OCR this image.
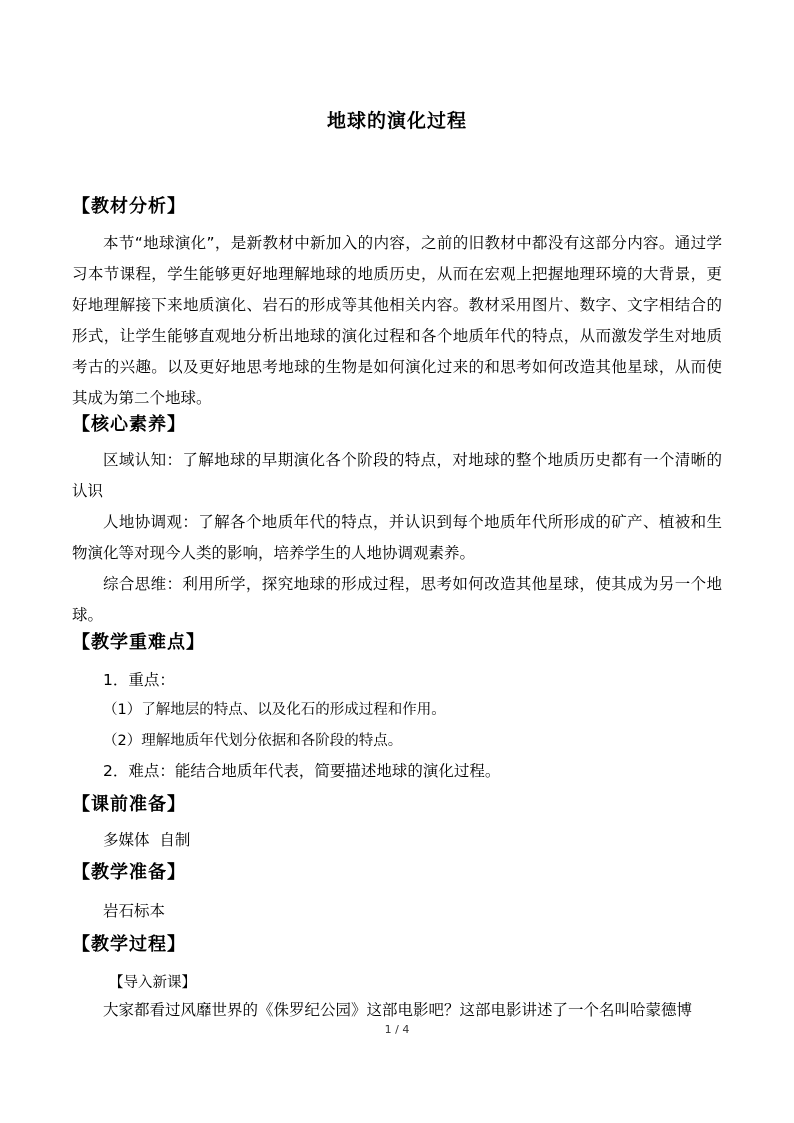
地球的演化过程
【教材分析】
本节“地球演化”，是新教材中新加入的内容，之前的旧教材中都没有这部分内容。通过学习本节课程，学生能够更好地理解地球的地质历史，从而在宏观上把握地理环境的大背景，更好地理解接下来地质演化、岩石的形成等其他相关内容。教材采用图片、数字、文字相结合的形式，让学生能够直观地分析出地球的演化过程和各个地质年代的特点，从而激发学生对地质考古的兴趣。以及更好地思考地球的生物是如何演化过来的和思考如何改造其他星球，从而使其成为第二个地球。
【核心素养】
区域认知：了解地球的早期演化各个阶段的特点，对地球的整个地质历史都有一个清晰的认识
人地协调观：了解各个地质年代的特点，并认识到每个地质年代所形成的矿产、植被和生物演化等对现今人类的影响，培养学生的人地协调观素养。
综合思维：利用所学，探究地球的形成过程，思考如何改造其他星球，使其成为另一个地球。
【教学重难点】
1．重点：
（1）了解地层的特点、以及化石的形成过程和作用。
（2）理解地质年代划分依据和各阶段的特点。
2．难点：能结合地质年代表，简要描述地球的演化过程。
【课前准备】
多媒体  自制
【教学准备】
岩石标本
【教学过程】
【导入新课】
大家都看过风靡世界的《侏罗纪公园》这部电影吧？这部电影讲述了一个名叫哈蒙德博
1 / 4
